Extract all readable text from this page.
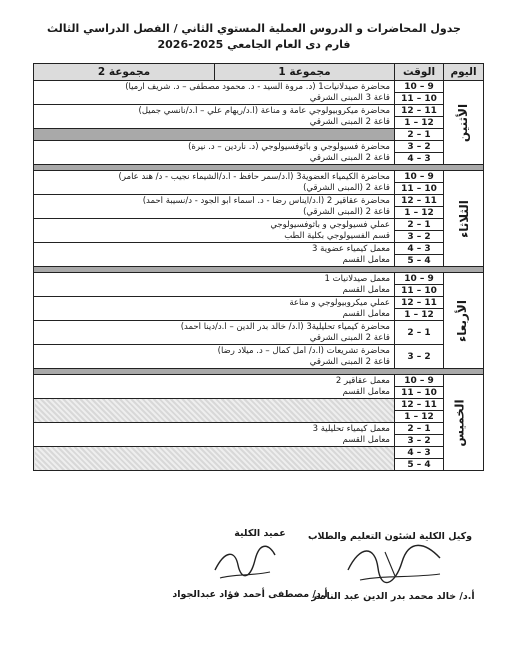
جدول المحاضرات و الدروس العملية المستوي الثاني / الفصل الدراسي الثالث
فارم دى العام الجامعي 2025-2026
اليوم	الوقت	مجموعة 1	مجموعة 2
الأثنين	9 – 10	محاضرة صيدلانيات1 (د. مروة السيد - د. محمود مصطفى – د. شريف ارميا)
قاعة 3 المبنى الشرقي	

	10 – 11		
	11 – 12	محاضرة ميكروبيولوجي عامة و مناعة (أ.د/ريهام علي – أ.د/نانسي جميل)
قاعة 2 المبنى الشرقي	

	12 – 1		
	1 – 2		
	2 – 3	محاضرة فسيولوجي و باثوفسيولوجي (د. ناردين – د. نيرة)
قاعة 2 المبنى الشرقي	

	3 – 4		

الثلاثاء	9 – 10	محاضرة الكيمياء العضوية3 (أ.د/سمر حافظ - أ.د/الشيماء نجيب - د/ هند عامر)
قاعة 2 (المبنى الشرقي)	

	10 – 11		
	11 – 12	محاضرة عقاقير 2 (أ.د/ايناس رضا - د. أسماء أبو الجود - د/نسيبة أحمد)
قاعة 2 (المبنى الشرقي)	

	12 – 1		
	1 – 2	عملي فسيولوجي و باثوفسيولوجي
قسم الفسيولوجي بكلية الطب	

	2 – 3		
	3 – 4	معمل كيمياء عضوية 3
معامل القسم	

	4 – 5		

الأربعاء	9 – 10	معمل صيدلانيات 1
معامل القسم	

	10 – 11		
	11 – 12	عملي ميكروبيولوجي و مناعة
معامل القسم	

	12 – 1		
	1 – 2	محاضرة كيمياء تحليلية3 (أ.د/ خالد بدر الدين – أ.د/دينا أحمد)
قاعة 2 المبنى الشرقي	

	2 – 3	محاضرة تشريعات (أ.د/ أمل كمال – د. ميلاد رضا)
قاعة 2 المبنى الشرقي	

الخميس	9 – 10	معمل عقاقير 2
معامل القسم	

	10 – 11		
	11 – 12		
	12 – 1		
	1 – 2	معمل كيمياء تحليلية 3
معامل القسم	

	2 – 3		
	3 – 4		
	4 – 5		
عميد الكلية
أ.د/ مصطفى أحمد فؤاد عبدالجواد
وكيل الكلية لشئون التعليم والطلاب
أ.د/ خالد محمد بدر الدين عبد الناصر
